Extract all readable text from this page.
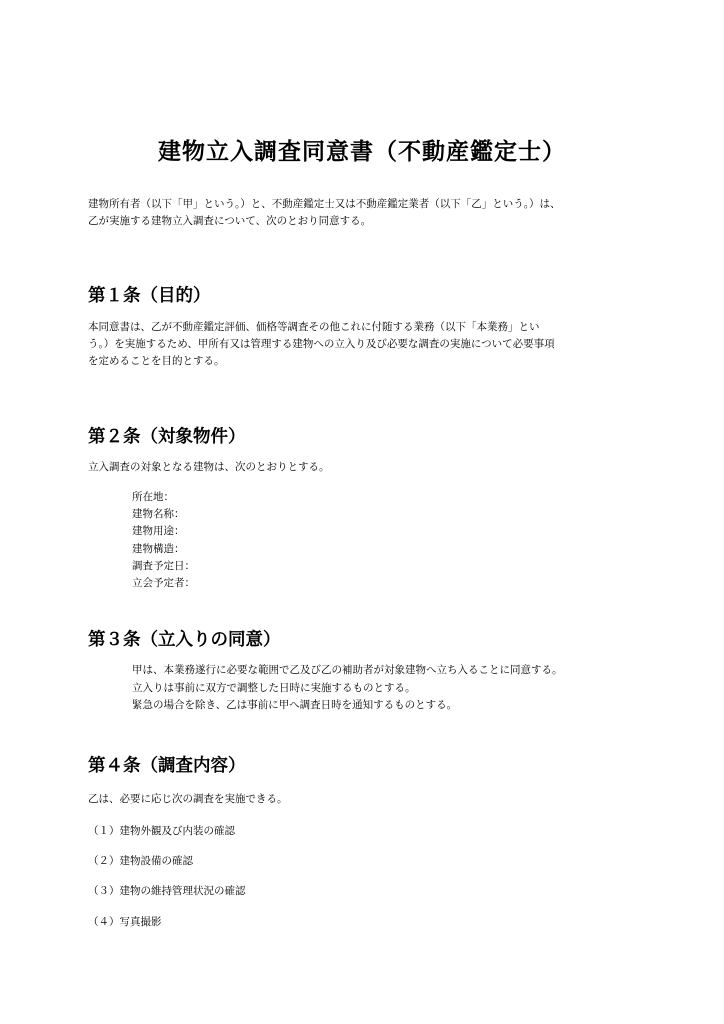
建物立入調査同意書（不動産鑑定士）

建物所有者（以下「甲」という。）と、不動産鑑定士又は不動産鑑定業者（以下「乙」という。）は、

乙が実施する建物立入調査について、次のとおり同意する。

第１条（目的）

本同意書は、乙が不動産鑑定評価、価格等調査その他これに付随する業務（以下「本業務」とい

う。）を実施するため、甲所有又は管理する建物への立入り及び必要な調査の実施について必要事項

を定めることを目的とする。

第２条（対象物件）

立入調査の対象となる建物は、次のとおりとする。

所在地：
建物名称：
建物用途：
建物構造：
調査予定日：
立会予定者：
第３条（立入りの同意）
甲は、本業務遂行に必要な範囲で乙及び乙の補助者が対象建物へ立ち入ることに同意する。
立入りは事前に双方で調整した日時に実施するものとする。
緊急の場合を除き、乙は事前に甲へ調査日時を通知するものとする。
第４条（調査内容）

乙は、必要に応じ次の調査を実施できる。

（１）建物外観及び内装の確認

（２）建物設備の確認

（３）建物の維持管理状況の確認

（４）写真撮影
